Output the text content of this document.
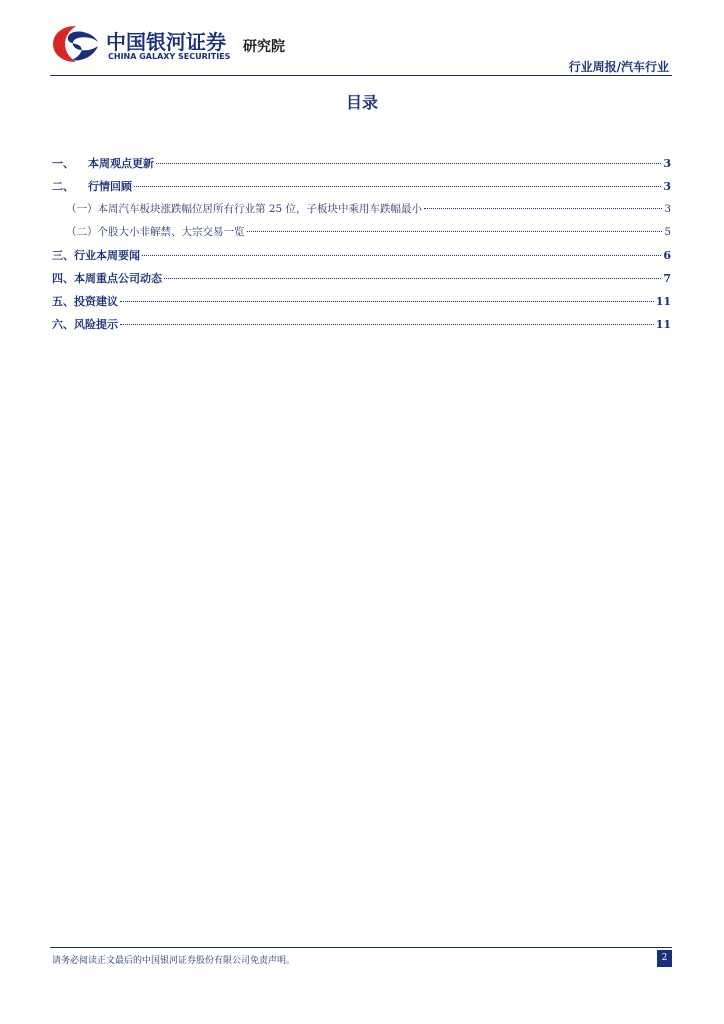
中国银河证券
CHINA GALAXY SECURITIES
研究院
行业周报/汽车行业
目录
一、 本周观点更新	3
二、 行情回顾	3
（一）本周汽车板块涨跌幅位居所有行业第 25 位，子板块中乘用车跌幅最小	3
（二）个股大小非解禁、大宗交易一览	5
三、行业本周要闻	6
四、本周重点公司动态	7
五、投资建议	11
六、风险提示	11
请务必阅读正文最后的中国银河证券股份有限公司免责声明。	2
